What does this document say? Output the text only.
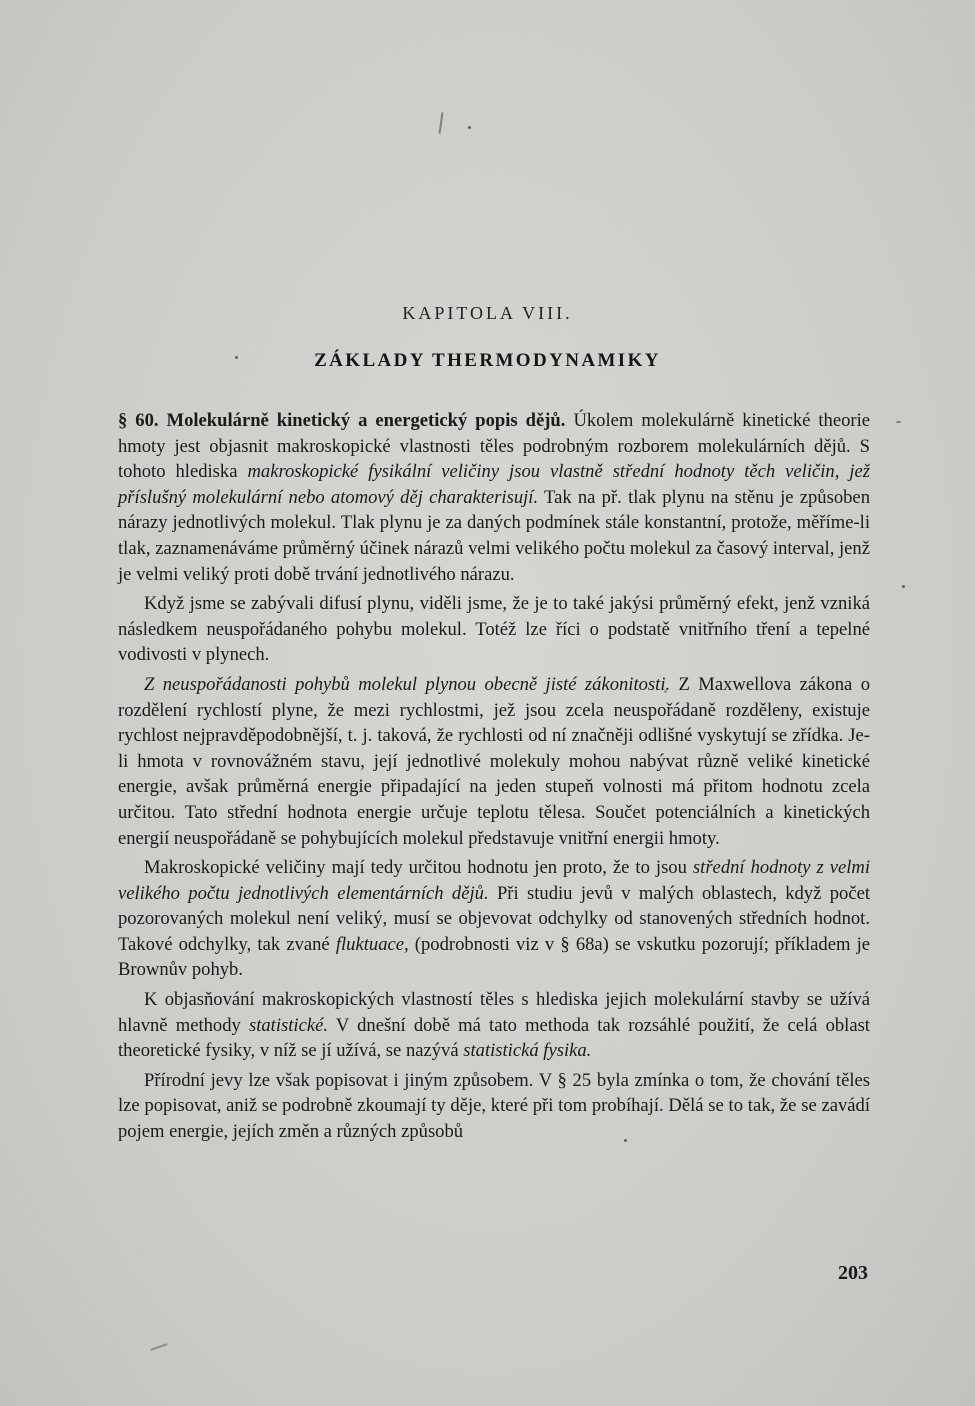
KAPITOLA VIII.
ZÁKLADY THERMODYNAMIKY

§ 60. Molekulárně kinetický a energetický popis dějů. Úkolem molekulárně kinetické theorie hmoty jest objasnit makroskopické vlastnosti těles podrobným rozborem molekulárních dějů. S tohoto hlediska makroskopické fysikální veličiny jsou vlastně střední hodnoty těch veličin, jež příslušný molekulární nebo atomový děj charakterisují. Tak na př. tlak plynu na stěnu je způsoben nárazy jednotlivých molekul. Tlak plynu je za daných podmínek stále konstantní, protože, měříme-li tlak, zaznamenáváme průměrný účinek nárazů velmi velikého počtu molekul za časový interval, jenž je velmi veliký proti době trvání jednotlivého nárazu.

Když jsme se zabývali difusí plynu, viděli jsme, že je to také jakýsi průměrný efekt, jenž vzniká následkem neuspořádaného pohybu molekul. Totéž lze říci o podstatě vnitřního tření a tepelné vodivosti v plynech.

Z neuspořádanosti pohybů molekul plynou obecně jisté zákonitosti. Z Maxwellova zákona o rozdělení rychlostí plyne, že mezi rychlostmi, jež jsou zcela neuspořádaně rozděleny, existuje rychlost nejpravděpodobnější, t. j. taková, že rychlosti od ní značněji odlišné vyskytují se zřídka. Je-li hmota v rovnovážném stavu, její jednotlivé molekuly mohou nabývat různě veliké kinetické energie, avšak průměrná energie připadající na jeden stupeň volnosti má přitom hodnotu zcela určitou. Tato střední hodnota energie určuje teplotu tělesa. Součet potenciálních a kinetických energií neuspořádaně se pohybujících molekul představuje vnitřní energii hmoty.

Makroskopické veličiny mají tedy určitou hodnotu jen proto, že to jsou střední hodnoty z velmi velikého počtu jednotlivých elementárních dějů. Při studiu jevů v malých oblastech, když počet pozorovaných molekul není veliký, musí se objevovat odchylky od stanovených středních hodnot. Takové odchylky, tak zvané fluktuace, (podrobnosti viz v § 68a) se vskutku pozorují; příkladem je Brownův pohyb.

K objasňování makroskopických vlastností těles s hlediska jejich molekulární stavby se užívá hlavně methody statistické. V dnešní době má tato methoda tak rozsáhlé použití, že celá oblast theoretické fysiky, v níž se jí užívá, se nazývá statistická fysika.

Přírodní jevy lze však popisovat i jiným způsobem. V § 25 byla zmínka o tom, že chování těles lze popisovat, aniž se podrobně zkoumají ty děje, které při tom probíhají. Dělá se to tak, že se zavádí pojem energie, jejích změn a různých způsobů

203
